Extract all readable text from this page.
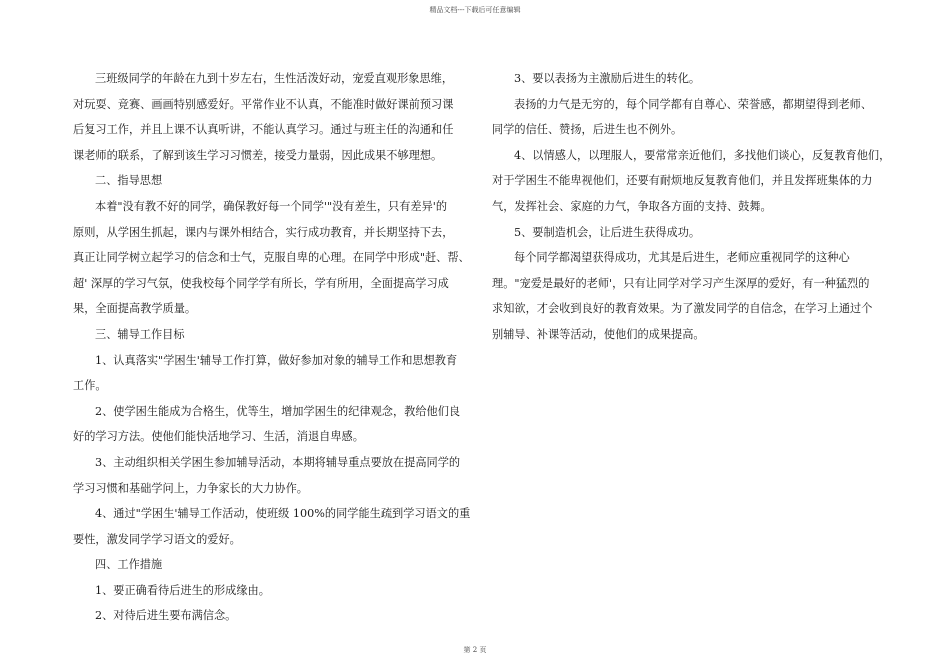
精品文档---下载后可任意编辑
三班级同学的年龄在九到十岁左右，生性活泼好动，宠爱直观形象思维，
对玩耍、竞赛、画画特别感爱好。平常作业不认真，不能准时做好课前预习课
后复习工作，并且上课不认真听讲，不能认真学习。通过与班主任的沟通和任
课老师的联系，了解到该生学习习惯差，接受力量弱，因此成果不够理想。
二、指导思想
本着"没有教不好的同学，确保教好每一个同学'"没有差生，只有差异'的
原则，从学困生抓起，课内与课外相结合，实行成功教育，并长期坚持下去，
真正让同学树立起学习的信念和士气，克服自卑的心理。在同学中形成"赶、帮、
超' 深厚的学习气氛，使我校每个同学学有所长，学有所用，全面提高学习成
果，全面提高教学质量。
三、辅导工作目标
1、认真落实"学困生'辅导工作打算，做好参加对象的辅导工作和思想教育
工作。
2、使学困生能成为合格生，优等生，增加学困生的纪律观念，教给他们良
好的学习方法。使他们能快活地学习、生活，消退自卑感。
3、主动组织相关学困生参加辅导活动，本期将辅导重点要放在提高同学的
学习习惯和基础学问上，力争家长的大力协作。
4、通过"学困生'辅导工作活动，使班级 100%的同学能生疏到学习语文的重
要性，激发同学学习语文的爱好。
四、工作措施
1、要正确看待后进生的形成缘由。
2、对待后进生要布满信念。
3、要以表扬为主激励后进生的转化。
表扬的力气是无穷的，每个同学都有自尊心、荣誉感，都期望得到老师、
同学的信任、赞扬，后进生也不例外。
4、以情感人，以理服人，要常常亲近他们，多找他们谈心，反复教育他们，
对于学困生不能卑视他们，还要有耐烦地反复教育他们，并且发挥班集体的力
气，发挥社会、家庭的力气，争取各方面的支持、鼓舞。
5、要制造机会，让后进生获得成功。
每个同学都渴望获得成功，尤其是后进生，老师应重视同学的这种心
理。"宠爱是最好的老师'，只有让同学对学习产生深厚的爱好，有一种猛烈的
求知欲，才会收到良好的教育效果。为了激发同学的自信念，在学习上通过个
别辅导、补课等活动，使他们的成果提高。
第 2 页
